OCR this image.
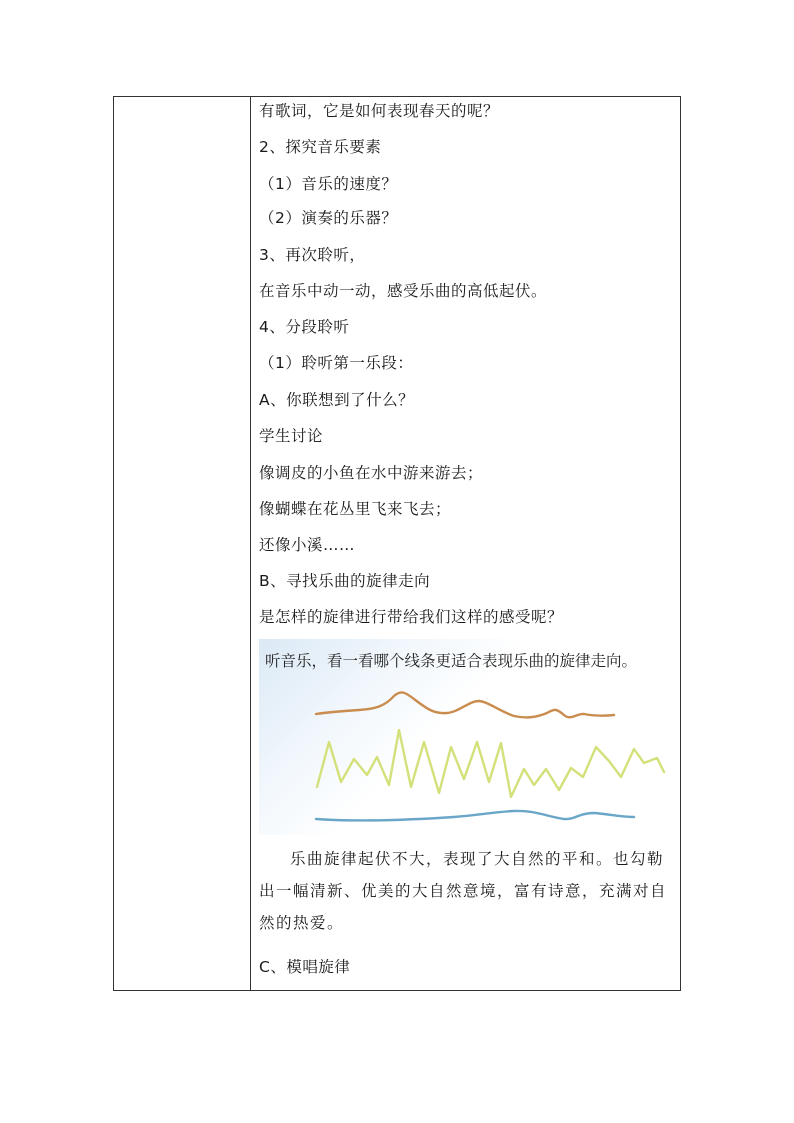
有歌词，它是如何表现春天的呢？
2、探究音乐要素
（1）音乐的速度？
（2）演奏的乐器？
3、再次聆听，
在音乐中动一动，感受乐曲的高低起伏。
4、分段聆听
（1）聆听第一乐段：
A、你联想到了什么？
学生讨论
像调皮的小鱼在水中游来游去；
像蝴蝶在花丛里飞来飞去；
还像小溪……
B、寻找乐曲的旋律走向
是怎样的旋律进行带给我们这样的感受呢？
乐曲旋律起伏不大，表现了大自然的平和。也勾勒出一幅清新、优美的大自然意境，富有诗意，充满对自然的热爱。
C、模唱旋律
听音乐，看一看哪个线条更适合表现乐曲的旋律走向。
